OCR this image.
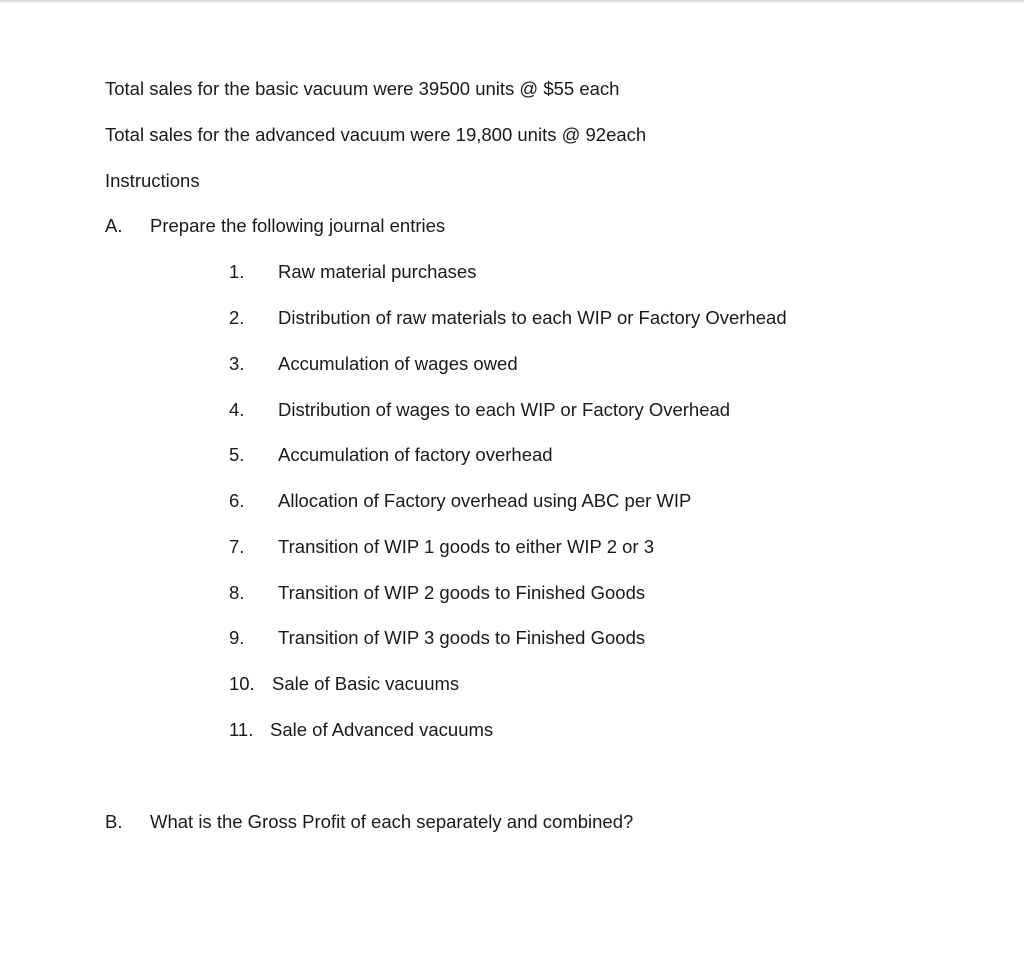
Total sales for the basic vacuum were 39500 units @ $55 each
Total sales for the advanced vacuum were 19,800 units @ 92each
Instructions
A. Prepare the following journal entries
1. Raw material purchases
2. Distribution of raw materials to each WIP or Factory Overhead
3. Accumulation of wages owed
4. Distribution of wages to each WIP or Factory Overhead
5. Accumulation of factory overhead
6. Allocation of Factory overhead using ABC per WIP
7. Transition of WIP 1 goods to either WIP 2 or 3
8. Transition of WIP 2 goods to Finished Goods
9. Transition of WIP 3 goods to Finished Goods
10. Sale of Basic vacuums
11. Sale of Advanced vacuums
B. What is the Gross Profit of each separately and combined?
